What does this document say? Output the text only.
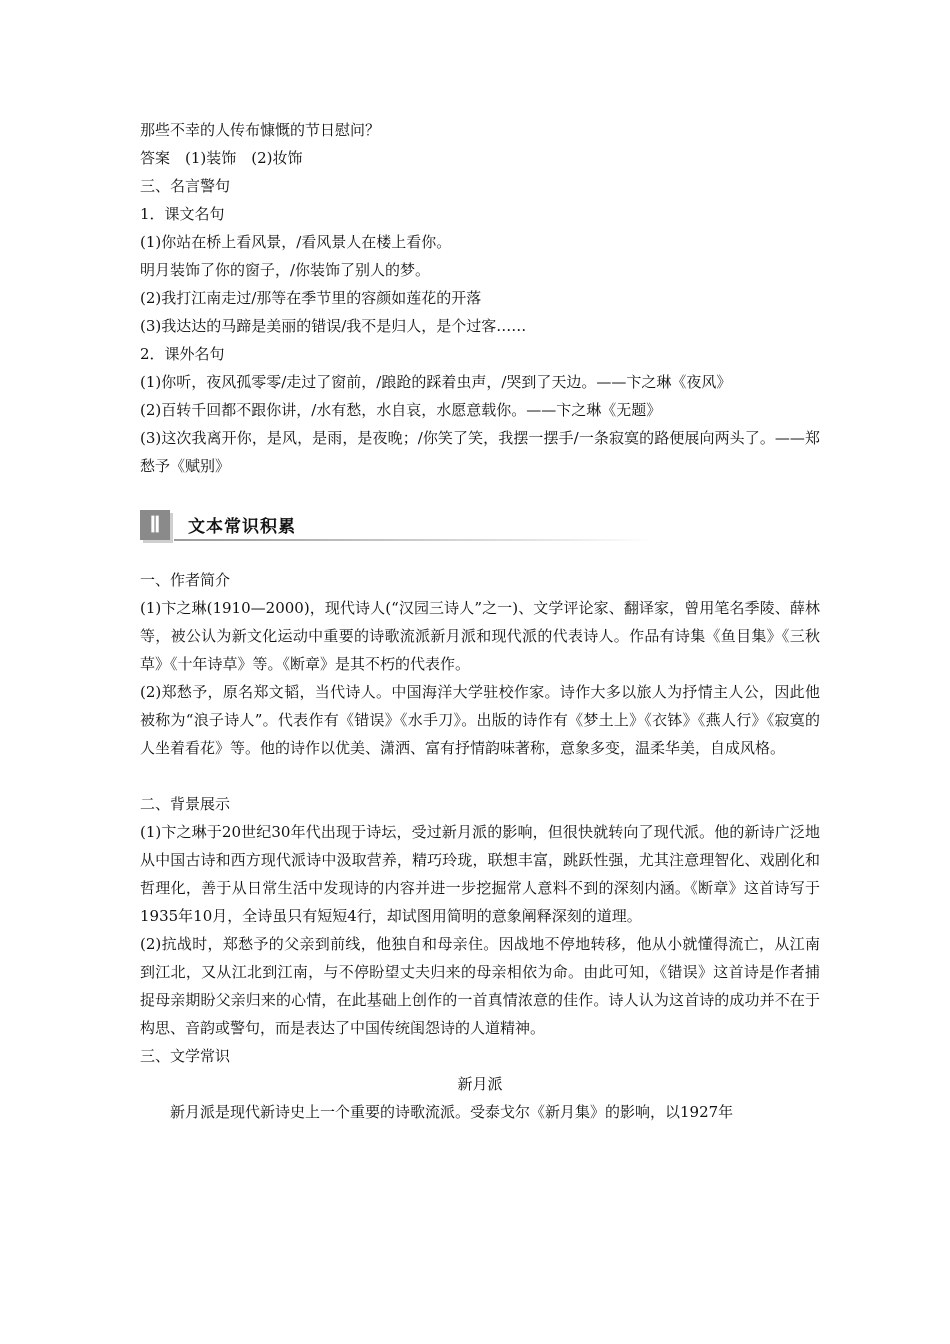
那些不幸的人传布慷慨的节日慰问？
答案　(1)装饰　(2)妆饰
三、名言警句
1．课文名句
(1)你站在桥上看风景，/看风景人在楼上看你。
明月装饰了你的窗子，/你装饰了别人的梦。
(2)我打江南走过/那等在季节里的容颜如莲花的开落
(3)我达达的马蹄是美丽的错误/我不是归人，是个过客……
2．课外名句
(1)你听，夜风孤零零/走过了窗前，/踉跄的踩着虫声，/哭到了天边。——卞之琳《夜风》
(2)百转千回都不跟你讲，/水有愁，水自哀，水愿意载你。——卞之琳《无题》
(3)这次我离开你，是风，是雨，是夜晚；/你笑了笑，我摆一摆手/一条寂寞的路便展向两头了。——郑愁予《赋别》
Ⅱ	文本常识积累
一、作者简介
(1)卞之琳(1910—2000)，现代诗人(“汉园三诗人”之一)、文学评论家、翻译家，曾用笔名季陵、薛林等，被公认为新文化运动中重要的诗歌流派新月派和现代派的代表诗人。作品有诗集《鱼目集》《三秋草》《十年诗草》等。《断章》是其不朽的代表作。
(2)郑愁予，原名郑文韬，当代诗人。中国海洋大学驻校作家。诗作大多以旅人为抒情主人公，因此他被称为“浪子诗人”。代表作有《错误》《水手刀》。出版的诗作有《梦土上》《衣钵》《燕人行》《寂寞的人坐着看花》等。他的诗作以优美、潇洒、富有抒情韵味著称，意象多变，温柔华美，自成风格。
二、背景展示
(1)卞之琳于20世纪30年代出现于诗坛，受过新月派的影响，但很快就转向了现代派。他的新诗广泛地从中国古诗和西方现代派诗中汲取营养，精巧玲珑，联想丰富，跳跃性强，尤其注意理智化、戏剧化和哲理化，善于从日常生活中发现诗的内容并进一步挖掘常人意料不到的深刻内涵。《断章》这首诗写于1935年10月，全诗虽只有短短4行，却试图用简明的意象阐释深刻的道理。
(2)抗战时，郑愁予的父亲到前线，他独自和母亲住。因战地不停地转移，他从小就懂得流亡，从江南到江北，又从江北到江南，与不停盼望丈夫归来的母亲相依为命。由此可知，《错误》这首诗是作者捕捉母亲期盼父亲归来的心情，在此基础上创作的一首真情浓意的佳作。诗人认为这首诗的成功并不在于构思、音韵或警句，而是表达了中国传统闺怨诗的人道精神。
三、文学常识
新月派
新月派是现代新诗史上一个重要的诗歌流派。受泰戈尔《新月集》的影响，以1927年
